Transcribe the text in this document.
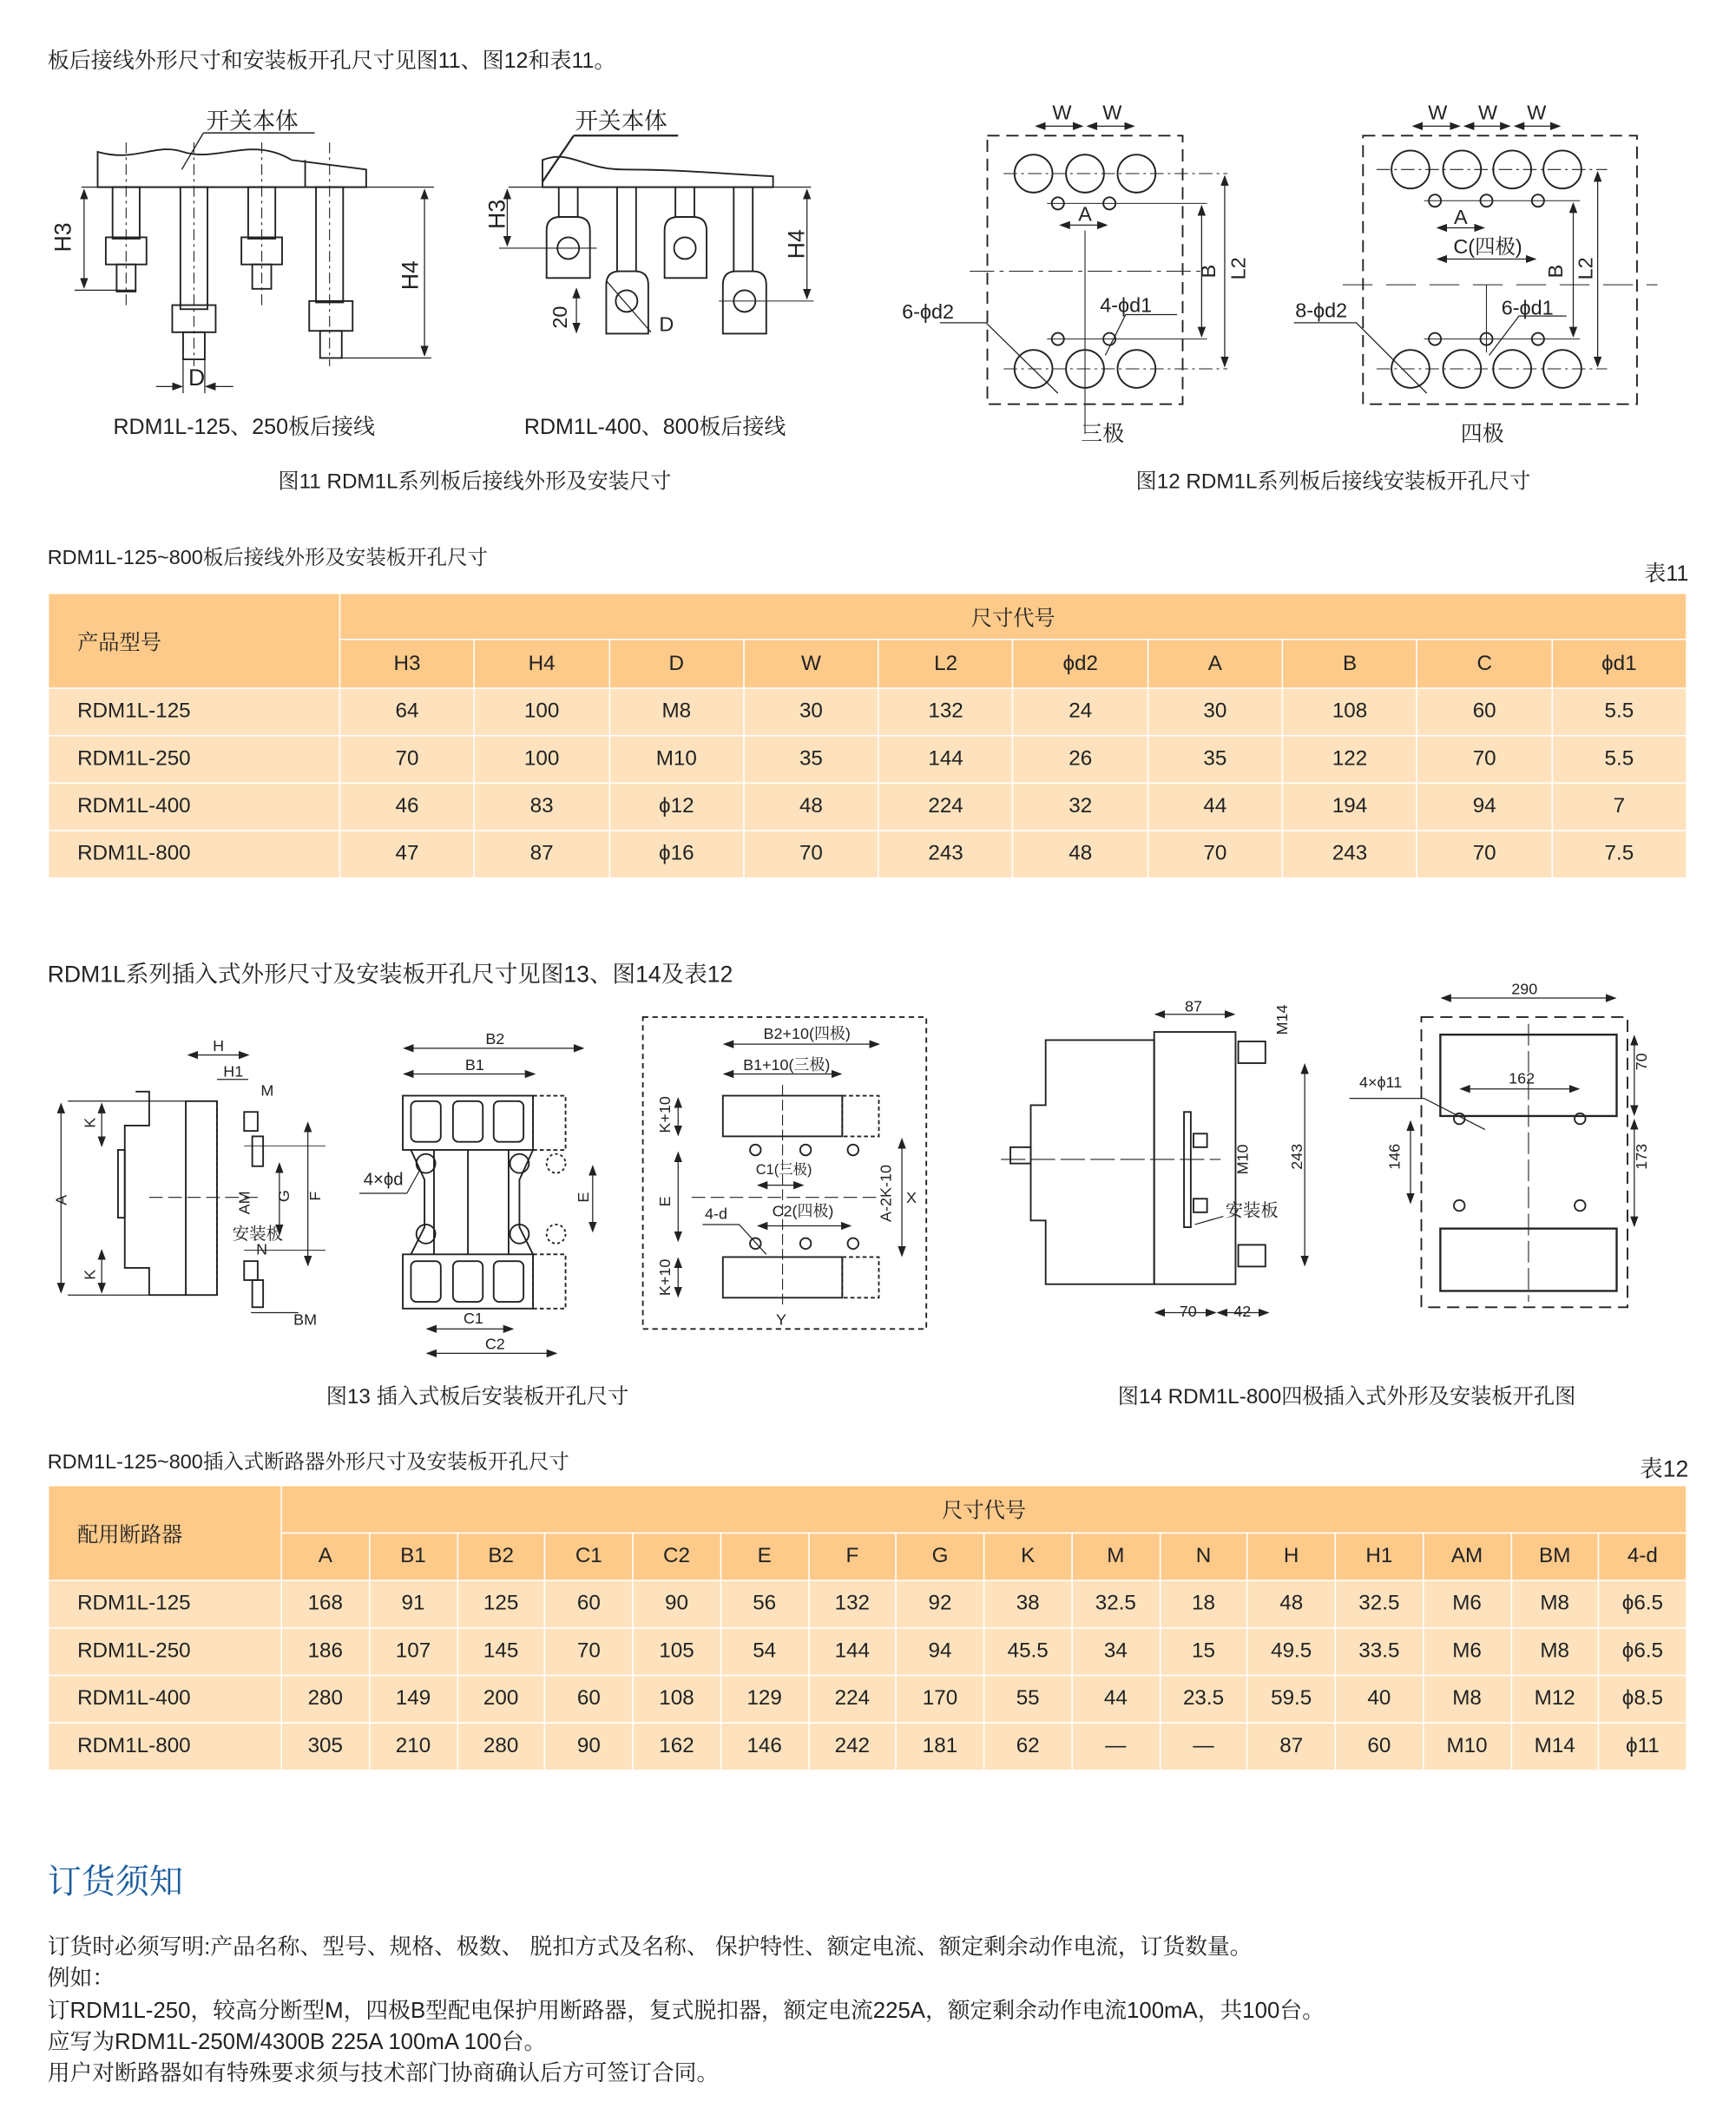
板后接线外形尺寸和安装板开孔尺寸见图11、图12和表11。
开关本体	开关本体
H3
H4
D
H3
H4
20	D
W W
A
B L2
6-ϕd2	4-ϕd1
三极
W W W
A
C(四极)
B L2
8-ϕd2	6-ϕd1
四极
H
H1
M
K
A	AM G F
安装板
N
K
BM
B2
B1
4×ϕd
E
C1
C2
B2+10(四极)
B1+10(三极)
K+10
C1(三极)
E
4-d	C2(四极)	A-2K-10 X
K+10
Y
87	M14
M10	243
安装板
70	42
290
70
4×ϕ11	162
146	173
RDM1L-125、250板后接线	RDM1L-400、800板后接线
图11 RDM1L系列板后接线外形及安装尺寸	图12 RDM1L系列板后接线安装板开孔尺寸
RDM1L-125~800板后接线外形及安装板开孔尺寸
表11
产品型号	尺寸代号									
	H3	H4	D	W	L2	ϕd2	A	B	C	ϕd1
RDM1L-125	64	100	M8	30	132	24	30	108	60	5.5
RDM1L-250	70	100	M10	35	144	26	35	122	70	5.5
RDM1L-400	46	83	ϕ12	48	224	32	44	194	94	7
RDM1L-800	47	87	ϕ16	70	243	48	70	243	70	7.5
RDM1L系列插入式外形尺寸及安装板开孔尺寸见图13、图14及表12
图13 插入式板后安装板开孔尺寸	图14 RDM1L-800四极插入式外形及安装板开孔图
RDM1L-125~800插入式断路器外形尺寸及安装板开孔尺寸	表12
配用断路器	尺寸代号															
	A	B1	B2	C1	C2	E	F	G	K	M	N	H	H1	AM	BM	4-d
RDM1L-125	168	91	125	60	90	56	132	92	38	32.5	18	48	32.5	M6	M8	ϕ6.5
RDM1L-250	186	107	145	70	105	54	144	94	45.5	34	15	49.5	33.5	M6	M8	ϕ6.5
RDM1L-400	280	149	200	60	108	129	224	170	55	44	23.5	59.5	40	M8	M12	ϕ8.5
RDM1L-800	305	210	280	90	162	146	242	181	62	—	—	87	60	M10	M14	ϕ11
订货须知
订货时必须写明:产品名称、型号、规格、极数、 脱扣方式及名称、 保护特性、额定电流、额定剩余动作电流，订货数量。
例如：
订RDM1L-250，较高分断型M，四极B型配电保护用断路器，复式脱扣器，额定电流225A，额定剩余动作电流100mA，共100台。
应写为RDM1L-250M/4300B 225A 100mA 100台。
用户对断路器如有特殊要求须与技术部门协商确认后方可签订合同。
